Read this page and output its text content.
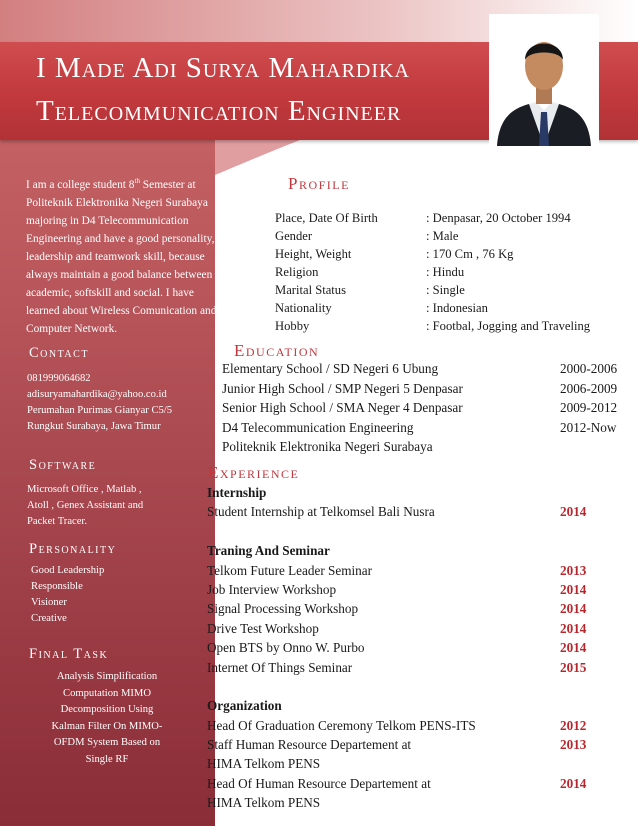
I Made Adi Surya Mahardika
Telecommunication Engineer
I am a college student 8th Semester at Politeknik Elektronika Negeri Surabaya majoring in D4 Telecommunication Engineering and have a good personality, leadership and teamwork skill, because always maintain a good balance between academic, softskill and social. I have learned about Wireless Comunication and Computer Network.
Contact
081999064682
adisuryamahardika@yahoo.co.id
Perumahan Purimas Gianyar C5/5
Rungkut Surabaya, Jawa Timur
Software
Microsoft Office , Matlab ,
Atoll , Genex Assistant and
Packet Tracer.
Personality
Good Leadership
Responsible
Visioner
Creative
Final Task
Analysis Simplification
Computation MIMO
Decomposition Using
Kalman Filter On MIMO-
OFDM System Based on
Single RF
Profile
Place, Date Of Birth	: Denpasar, 20 October 1994
Gender	: Male
Height, Weight	: 170 Cm , 76 Kg
Religion	: Hindu
Marital Status	: Single
Nationality	: Indonesian
Hobby	: Footbal, Jogging and Traveling
Education
Elementary School / SD Negeri 6 Ubung	2000-2006
Junior High School / SMP Negeri 5 Denpasar	2006-2009
Senior High School / SMA Neger 4 Denpasar	2009-2012
D4 Telecommunication Engineering	2012-Now
Politeknik Elektronika Negeri Surabaya
Experience
Internship
Student Internship at Telkomsel Bali Nusra	2014
Traning And Seminar
Telkom Future Leader Seminar	2013
Job Interview Workshop	2014
Signal Processing Workshop	2014
Drive Test Workshop	2014
Open BTS by Onno W. Purbo	2014
Internet Of Things Seminar	2015
Organization
Head Of Graduation Ceremony Telkom PENS-ITS	2012
Staff Human Resource Departement at	2013
HIMA Telkom PENS
Head Of Human Resource Departement at	2014
HIMA Telkom PENS
